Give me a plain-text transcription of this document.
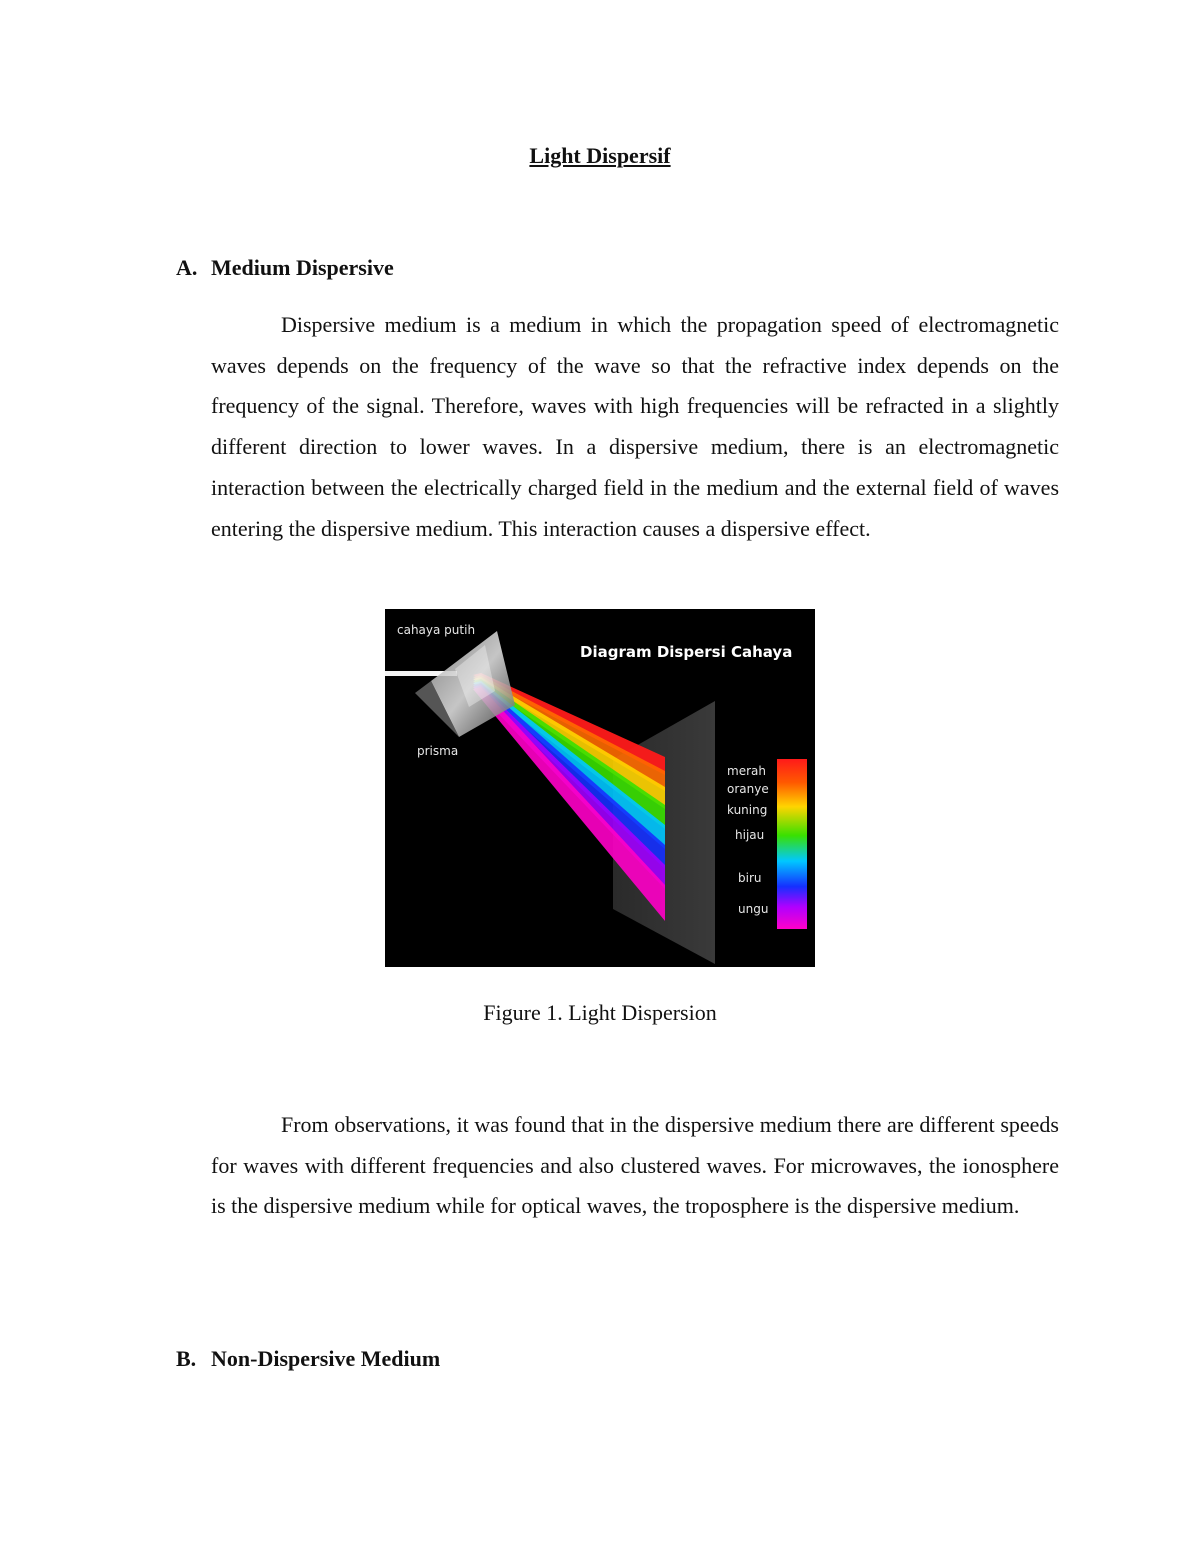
Light Dispersif
A. Medium Dispersive

Dispersive medium is a medium in which the propagation speed of electromagnetic waves depends on the frequency of the wave so that the refractive index depends on the frequency of the signal. Therefore, waves with high frequencies will be refracted in a slightly different direction to lower waves. In a dispersive medium, there is an electromagnetic interaction between the electrically charged field in the medium and the external field of waves entering the dispersive medium. This interaction causes a dispersive effect.

Diagram Dispersi Cahaya
cahaya putih
prisma
merah
oranye
kuning
hijau
biru
ungu
Figure 1. Light Dispersion

From observations, it was found that in the dispersive medium there are different speeds for waves with different frequencies and also clustered waves. For microwaves, the ionosphere is the dispersive medium while for optical waves, the troposphere is the dispersive medium.

B. Non-Dispersive Medium
